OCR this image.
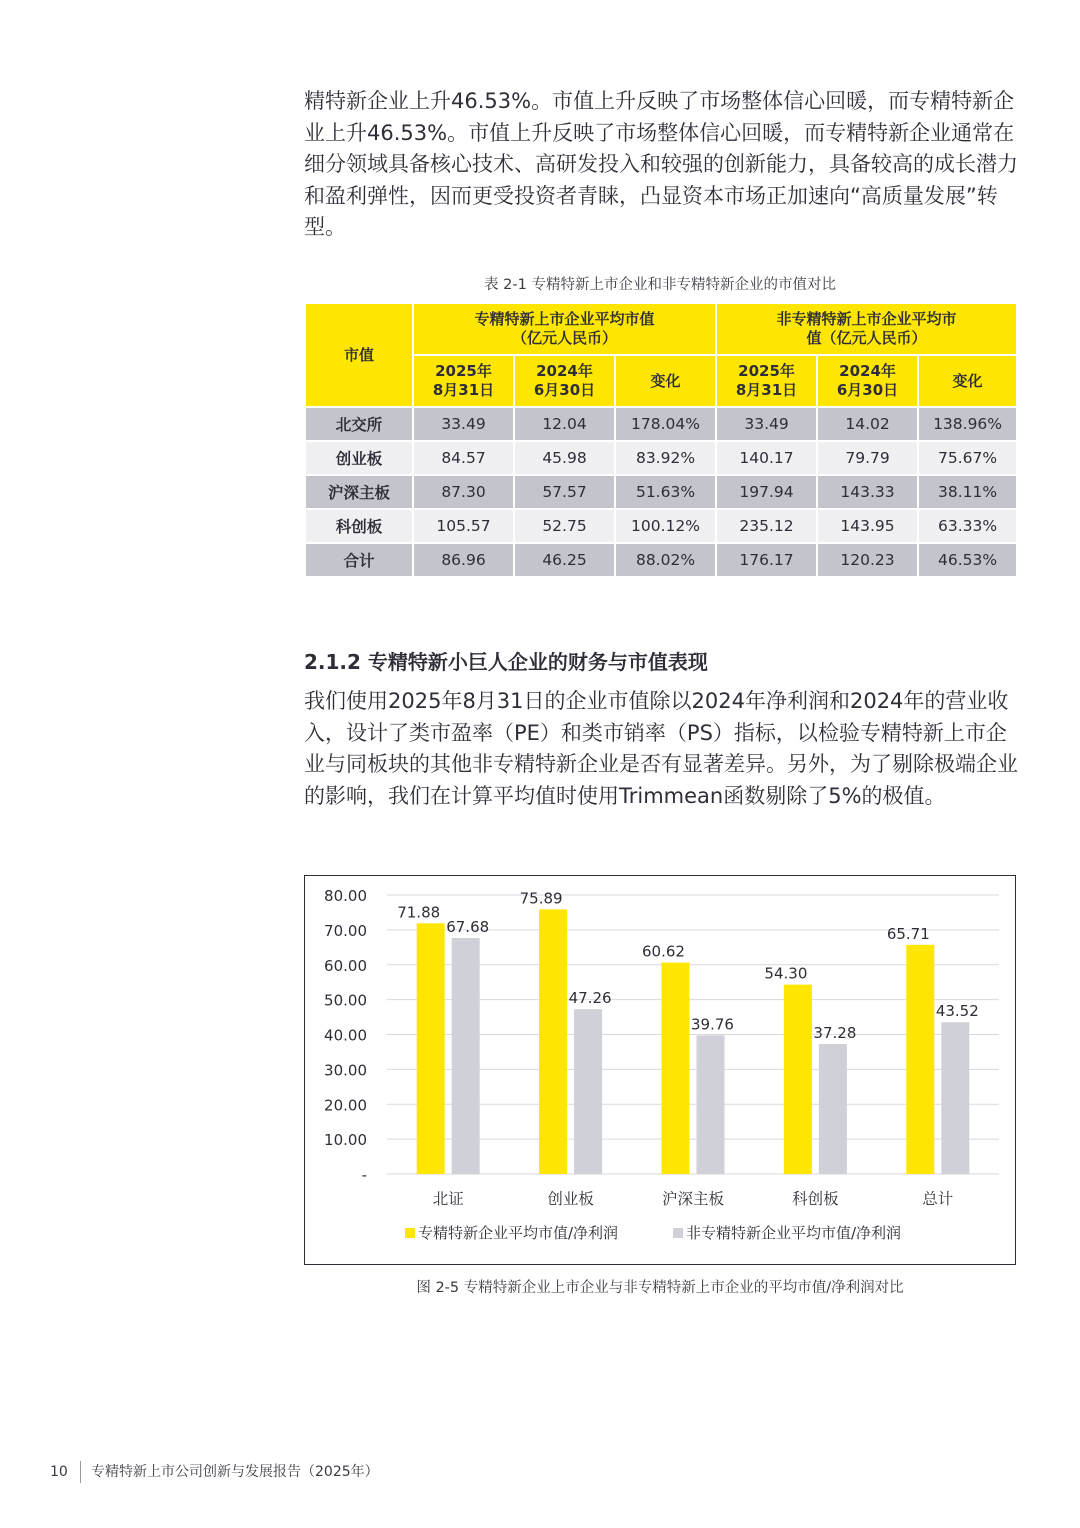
精特新企业上升46.53%。市值上升反映了市场整体信心回暖，而专精特新企业上升46.53%。市值上升反映了市场整体信心回暖，而专精特新企业通常在细分领域具备核心技术、高研发投入和较强的创新能力，具备较高的成长潜力和盈利弹性，因而更受投资者青睐，凸显资本市场正加速向“高质量发展”转型。

表 2-1 专精特新上市企业和非专精特新企业的市值对比
市值	专精特新上市企业平均市值（亿元人民币）			非专精特新上市企业平均市值（亿元人民币）		

	2025年8月31日	2024年6月30日	变化	2025年8月31日	2024年6月30日	变化
北交所	33.49	12.04	178.04%	33.49	14.02	138.96%
创业板	84.57	45.98	83.92%	140.17	79.79	75.67%
沪深主板	87.30	57.57	51.63%	197.94	143.33	38.11%
科创板	105.57	52.75	100.12%	235.12	143.95	63.33%
合计	86.96	46.25	88.02%	176.17	120.23	46.53%
2.1.2 专精特新小巨人企业的财务与市值表现

我们使用2025年8月31日的企业市值除以2024年净利润和2024年的营业收入，设计了类市盈率（PE）和类市销率（PS）指标，以检验专精特新上市企业与同板块的其他非专精特新企业是否有显著差异。另外，为了剔除极端企业的影响，我们在计算平均值时使用Trimmean函数剔除了5%的极值。

-
10.00
20.00
30.00
40.00
50.00
60.00
70.00
80.00
71.88
67.68
北证
75.89
47.26
创业板
60.62
39.76
沪深主板
54.30
37.28
科创板
65.71
43.52
总计
专精特新企业平均市值/净利润	非专精特新企业平均市值/净利润
图 2-5 专精特新企业上市企业与非专精特新上市企业的平均市值/净利润对比
10 专精特新上市公司创新与发展报告（2025年）
